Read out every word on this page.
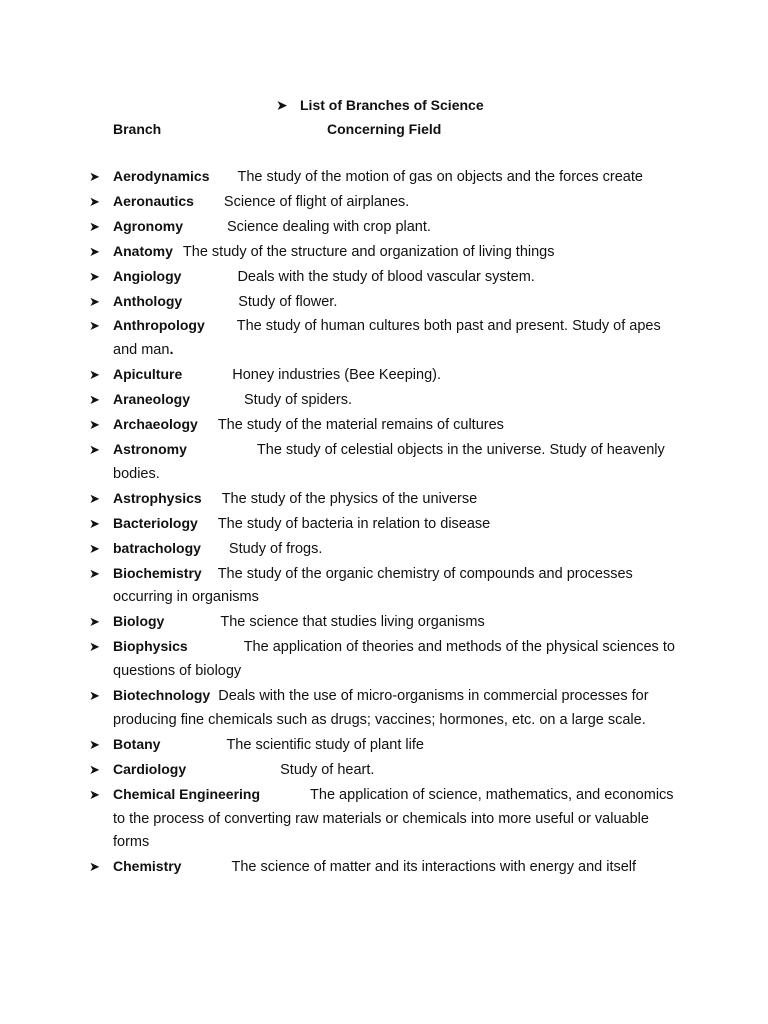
➤ List of Branches of Science
Branch	Concerning Field
➤ Aerodynamics The study of the motion of gas on objects and the forces create
➤ Aeronautics Science of flight of airplanes.
➤ Agronomy	Science dealing with crop plant.
➤ Anatomy The study of the structure and organization of living things
➤ Angiology	Deals with the study of blood vascular system.
➤ Anthology	Study of flower.
➤ Anthropology The study of human cultures both past and present. Study of apes and man.
➤ Apiculture	Honey industries (Bee Keeping).
➤ Araneology	Study of spiders.
➤ Archaeology The study of the material remains of cultures
➤ Astronomy	The study of celestial objects in the universe. Study of heavenly bodies.
➤ Astrophysics The study of the physics of the universe
➤ Bacteriology The study of bacteria in relation to disease
➤ batrachology Study of frogs.
➤ Biochemistry The study of the organic chemistry of compounds and processes occurring in organisms
➤ Biology	The science that studies living organisms
➤ Biophysics	The application of theories and methods of the physical sciences to questions of biology
➤ Biotechnology Deals with the use of micro-organisms in commercial processes for producing fine chemicals such as drugs; vaccines; hormones, etc. on a large scale.
➤ Botany	The scientific study of plant life
➤ Cardiology	Study of heart.
➤ Chemical Engineering	The application of science, mathematics, and economics to the process of converting raw materials or chemicals into more useful or valuable forms
➤ Chemistry	The science of matter and its interactions with energy and itself
